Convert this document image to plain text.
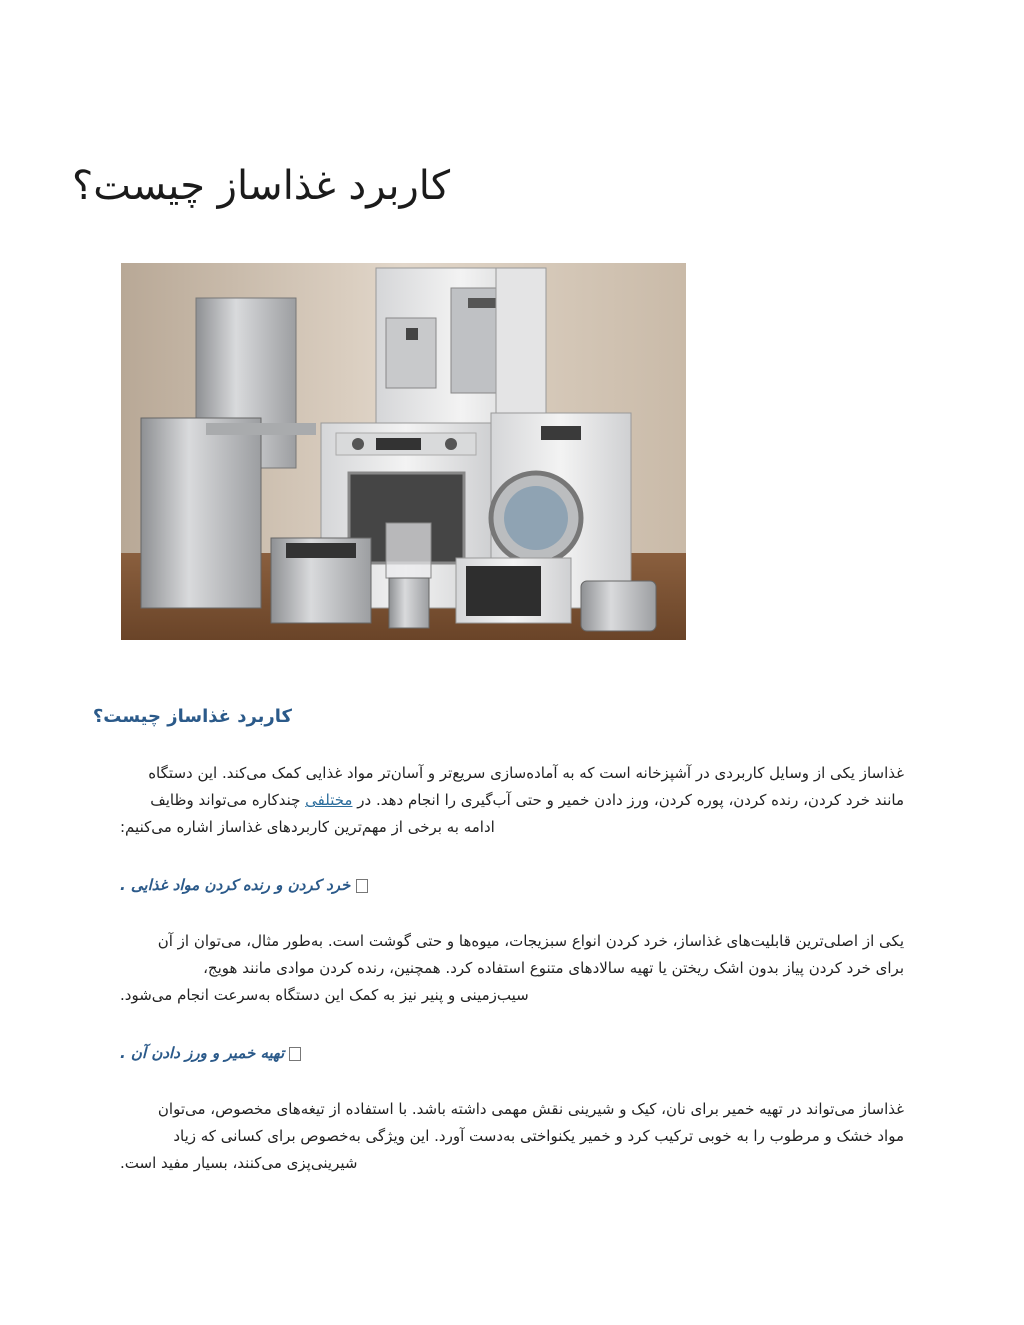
کاربرد غذاساز چیست؟
کاربرد غذاساز چیست؟
غذاساز یکی از وسایل کاربردی در آشپزخانه است که به آماده‌سازی سریع‌تر و آسان‌تر مواد غذایی کمک می‌کند. این دستگاه
مانند خرد کردن، رنده کردن، پوره کردن، ورز دادن خمیر و حتی آب‌گیری را انجام دهد. در مختلفی چندکاره می‌تواند وظایف
ادامه به برخی از مهم‌ترین کاربردهای غذاساز اشاره می‌کنیم:
خرد کردن و رنده کردن مواد غذایی .
یکی از اصلی‌ترین قابلیت‌های غذاساز، خرد کردن انواع سبزیجات، میوه‌ها و حتی گوشت است. به‌طور مثال، می‌توان از آن
برای خرد کردن پیاز بدون اشک ریختن یا تهیه سالادهای متنوع استفاده کرد. همچنین، رنده کردن موادی مانند هویج،
سیب‌زمینی و پنیر نیز به کمک این دستگاه به‌سرعت انجام می‌شود.
تهیه خمیر و ورز دادن آن .
غذاساز می‌تواند در تهیه خمیر برای نان، کیک و شیرینی نقش مهمی داشته باشد. با استفاده از تیغه‌های مخصوص، می‌توان
مواد خشک و مرطوب را به خوبی ترکیب کرد و خمیر یکنواختی به‌دست آورد. این ویژگی به‌خصوص برای کسانی که زیاد
شیرینی‌پزی می‌کنند، بسیار مفید است.
